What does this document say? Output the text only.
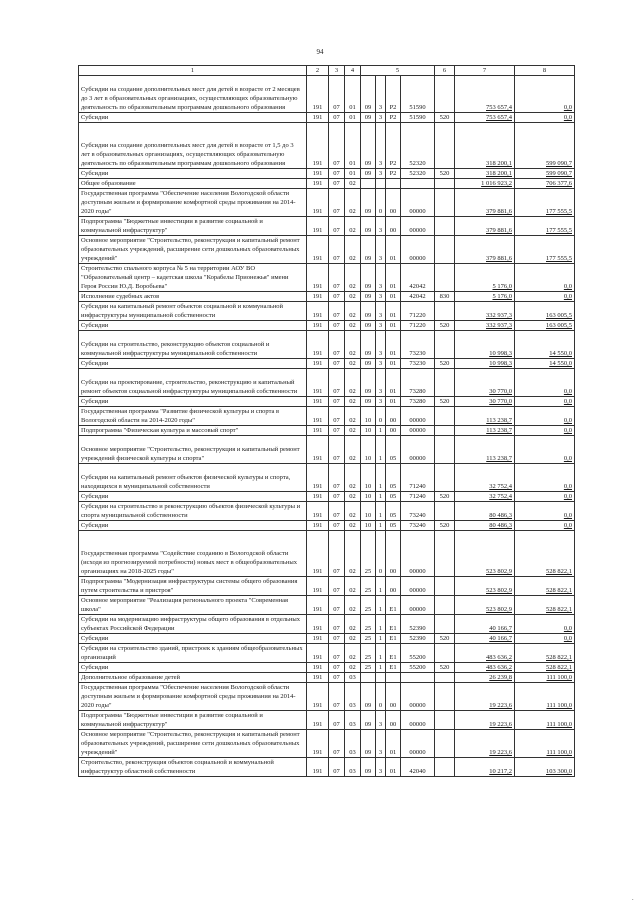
94
1	2	3	4	5				6	7	8
Субсидии на создание дополнительных мест для детей в возрасте от 2 месяцев до 3 лет в образовательных организациях, осуществляющих образовательную деятельность по образовательным программам дошкольного образования	191	07	01	09	3	P2	51590		753 657,4	0,0
Субсидии	191	07	01	09	3	P2	51590	520	753 657,4	0,0
Субсидии на создание дополнительных мест для детей в возрасте от 1,5 до 3 лет в образовательных организациях, осуществляющих образовательную деятельность по образовательным программам дошкольного образования	191	07	01	09	3	P2	52320		318 200,1	599 090,7
Субсидии	191	07	01	09	3	P2	52320	520	318 200,1	599 090,7
Общее образование	191	07	02						1 016 923,2	706 377,6
Государственная программа "Обеспечение населения Вологодской области доступным жильем и формирование комфортной среды проживания на 2014-2020 годы"	191	07	02	09	0	00	00000		379 881,6	177 555,5
Подпрограмма "Бюджетные инвестиции в развитие социальной и коммунальной инфраструктур"	191	07	02	09	3	00	00000		379 881,6	177 555,5
Основное мероприятие "Строительство, реконструкция и капитальный ремонт образовательных учреждений, расширение сети дошкольных образовательных учреждений"	191	07	02	09	3	01	00000		379 881,6	177 555,5
Строительство спального корпуса № 5 на территории АОУ ВО "Образовательный центр – кадетская школа "Корабелы Прионежья" имени Героя России Ю.Д. Воробьева"	191	07	02	09	3	01	42042		5 176,0	0,0
Исполнение судебных актов	191	07	02	09	3	01	42042	830	5 176,0	0,0
Субсидии на капитальный ремонт объектов социальной и коммунальной инфраструктуры муниципальной собственности	191	07	02	09	3	01	71220		332 937,3	163 005,5
Субсидии	191	07	02	09	3	01	71220	520	332 937,3	163 005,5
Субсидии на строительство, реконструкцию объектов социальной и коммунальной инфраструктуры муниципальной собственности	191	07	02	09	3	01	73230		10 998,3	14 550,0
Субсидии	191	07	02	09	3	01	73230	520	10 998,3	14 550,0
Субсидии на проектирование, строительство, реконструкцию и капитальный ремонт объектов социальной инфраструктуры муниципальной собственности	191	07	02	09	3	01	73280		30 770,0	0,0
Субсидии	191	07	02	09	3	01	73280	520	30 770,0	0,0
Государственная программа "Развитие физической культуры и спорта в Вологодской области на 2014-2020 годы"	191	07	02	10	0	00	00000		113 238,7	0,0
Подпрограмма "Физическая культура и массовый спорт"	191	07	02	10	1	00	00000		113 238,7	0,0
Основное мероприятие "Строительство, реконструкция и капитальный ремонт учреждений физической культуры и спорта"	191	07	02	10	1	05	00000		113 238,7	0,0
Субсидии на капитальный ремонт объектов физической культуры и спорта, находящихся в муниципальной собственности	191	07	02	10	1	05	71240		32 752,4	0,0
Субсидии	191	07	02	10	1	05	71240	520	32 752,4	0,0
Субсидии на строительство и реконструкцию объектов физической культуры и спорта муниципальной собственности	191	07	02	10	1	05	73240		80 486,3	0,0
Субсидии	191	07	02	10	1	05	73240	520	80 486,3	0,0
Государственная программа "Содействие созданию в Вологодской области (исходя из прогнозируемой потребности) новых мест в общеобразовательных организациях на 2018-2025 годы"	191	07	02	25	0	00	00000		523 802,9	528 822,1
Подпрограмма "Модернизация инфраструктуры системы общего образования путем строительства и пристроя"	191	07	02	25	1	00	00000		523 802,9	528 822,1
Основное мероприятие "Реализация регионального проекта "Современная школа"	191	07	02	25	1	E1	00000		523 802,9	528 822,1
Субсидии на модернизацию инфраструктуры общего образования в отдельных субъектах Российской Федерации	191	07	02	25	1	E1	52390		40 166,7	0,0
Субсидии	191	07	02	25	1	E1	52390	520	40 166,7	0,0
Субсидии на строительство зданий, пристроек к зданиям общеобразовательных организаций	191	07	02	25	1	E1	55200		483 636,2	528 822,1
Субсидии	191	07	02	25	1	E1	55200	520	483 636,2	528 822,1
Дополнительное образование детей	191	07	03						26 239,8	111 100,0
Государственная программа "Обеспечение населения Вологодской области доступным жильем и формирование комфортной среды проживания на 2014-2020 годы"	191	07	03	09	0	00	00000		19 223,6	111 100,0
Подпрограмма "Бюджетные инвестиции в развитие социальной и коммунальной инфраструктур"	191	07	03	09	3	00	00000		19 223,6	111 100,0
Основное мероприятие "Строительство, реконструкция и капитальный ремонт образовательных учреждений, расширение сети дошкольных образовательных учреждений"	191	07	03	09	3	01	00000		19 223,6	111 100,0
Строительство, реконструкция объектов социальной и коммунальной инфраструктур областной собственности	191	07	03	09	3	01	42040		10 217,2	103 300,0
·
